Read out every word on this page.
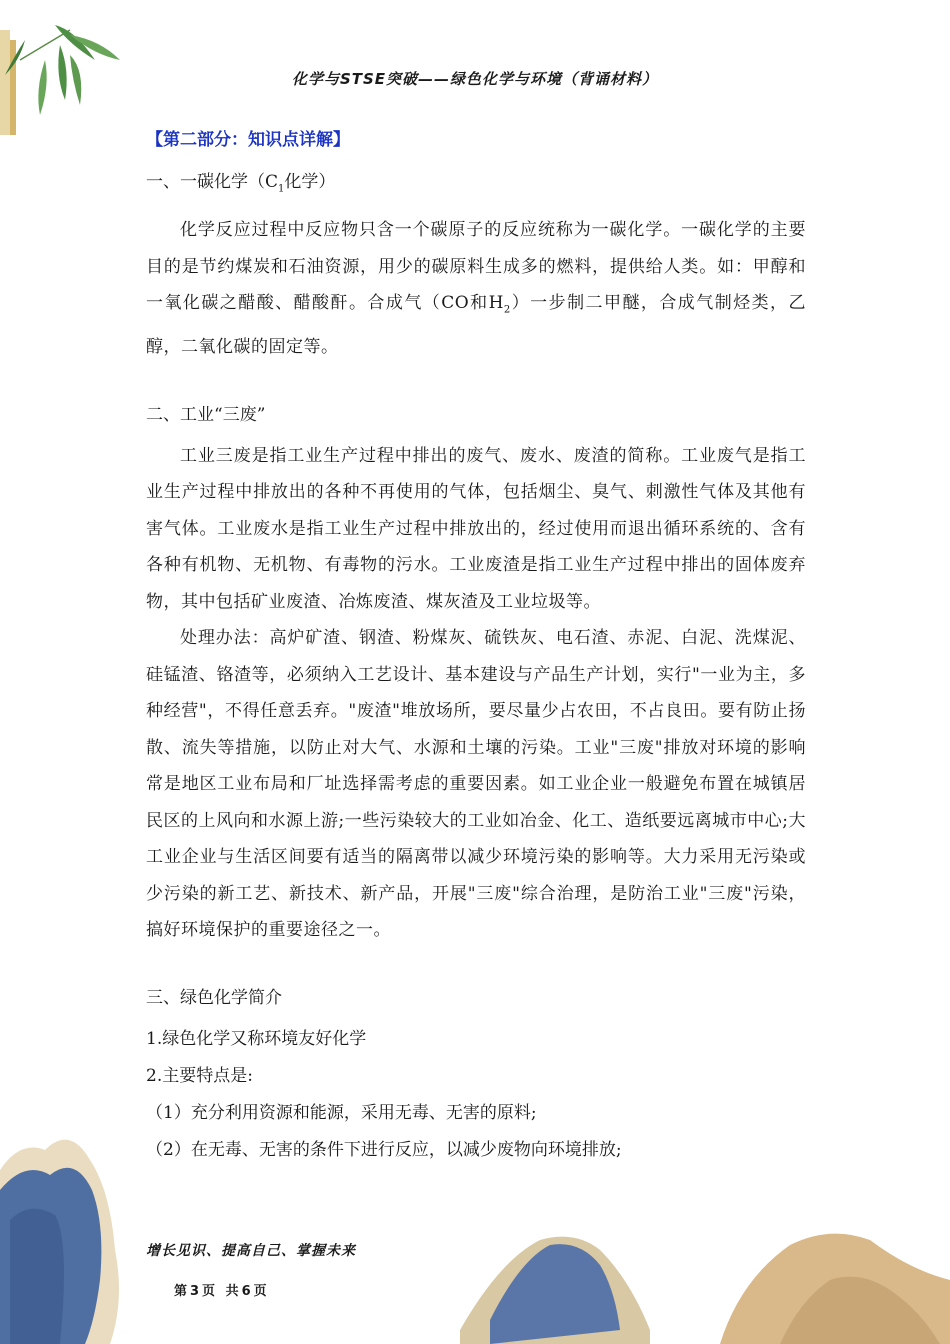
化学与STSE突破——绿色化学与环境（背诵材料）
【第二部分：知识点详解】
一、一碳化学（$C_1$化学）

化学反应过程中反应物只含一个碳原子的反应统称为一碳化学。一碳化学的主要目的是节约煤炭和石油资源，用少的碳原料生成多的燃料，提供给人类。如：甲醇和一氧化碳之醋酸、醋酸酐。合成气（CO和$H_2$）一步制二甲醚，合成气制烃类，乙醇，二氧化碳的固定等。

二、工业“三废”

工业三废是指工业生产过程中排出的废气、废水、废渣的简称。工业废气是指工业生产过程中排放出的各种不再使用的气体，包括烟尘、臭气、刺激性气体及其他有害气体。工业废水是指工业生产过程中排放出的，经过使用而退出循环系统的、含有各种有机物、无机物、有毒物的污水。工业废渣是指工业生产过程中排出的固体废弃物，其中包括矿业废渣、冶炼废渣、煤灰渣及工业垃圾等。

处理办法：高炉矿渣、钢渣、粉煤灰、硫铁灰、电石渣、赤泥、白泥、洗煤泥、硅锰渣、铬渣等，必须纳入工艺设计、基本建设与产品生产计划，实行"一业为主，多种经营"，不得任意丢弃。"废渣"堆放场所，要尽量少占农田，不占良田。要有防止扬散、流失等措施，以防止对大气、水源和土壤的污染。工业"三废"排放对环境的影响常是地区工业布局和厂址选择需考虑的重要因素。如工业企业一般避免布置在城镇居民区的上风向和水源上游;一些污染较大的工业如冶金、化工、造纸要远离城市中心;大工业企业与生活区间要有适当的隔离带以减少环境污染的影响等。大力采用无污染或少污染的新工艺、新技术、新产品，开展"三废"综合治理，是防治工业"三废"污染，搞好环境保护的重要途径之一。

三、绿色化学简介

1.绿色化学又称环境友好化学

2.主要特点是:

（1）充分利用资源和能源，采用无毒、无害的原料;

（2）在无毒、无害的条件下进行反应，以减少废物向环境排放;

增长见识、提高自己、掌握未来
第3页 共6页
